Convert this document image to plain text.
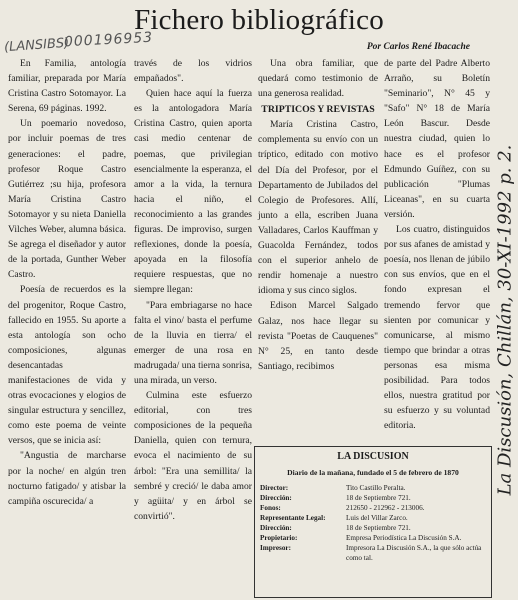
Fichero bibliográfico
Por Carlos René Ibacache
(LANSIBS)
000196953
La Discusión, Chillán, 30-XI-1992 p. 2.

En Familia, antología familiar, preparada por María Cristina Castro Sotomayor. La Serena, 69 páginas. 1992.

Un poemario novedoso, por incluir poemas de tres generaciones: el padre, profesor Roque Castro Gutiérrez ;su hija, profesora María Cristina Castro Sotomayor y su nieta Daniella Vilches Weber, alumna básica. Se agrega el diseñador y autor de la portada, Gunther Weber Castro.

Poesía de recuerdos es la del progenitor, Roque Castro, fallecido en 1955. Su aporte a esta antología son ocho composiciones, algunas desencantadas manifestaciones de vida y otras evocaciones y elogios de singular estructura y sencillez, como este poema de veinte versos, que se inicia así:

"Angustia de marcharse por la noche/ en algún tren nocturno fatigado/ y atisbar la campiña oscurecida/ a

través de los vidrios empañados".

Quien hace aquí la fuerza es la antologadora María Cristina Castro, quien aporta casi medio centenar de poemas, que privilegian esencialmente la esperanza, el amor a la vida, la ternura hacia el niño, el reconocimiento a las grandes figuras. De improviso, surgen reflexiones, donde la poesía, apoyada en la filosofía requiere respuestas, que no siempre llegan:

"Para embriagarse no hace falta el vino/ basta el perfume de la lluvia en tierra/ el emerger de una rosa en madrugada/ una tierna sonrisa, una mirada, un verso.

Culmina este esfuerzo editorial, con tres composiciones de la pequeña Daniella, quien con ternura, evoca el nacimiento de su árbol: "Era una semillita/ la sembré y creció/ le daba amor y agüita/ y en árbol se convirtió".

Una obra familiar, que quedará como testimonio de una generosa realidad.

TRIPTICOS Y REVISTAS

María Cristina Castro, complementa su envío con un tríptico, editado con motivo del Día del Profesor, por el Departamento de Jubilados del Colegio de Profesores. Allí, junto a ella, escriben Juana Valladares, Carlos Kauffman y Guacolda Fernández, todos con el superior anhelo de rendir homenaje a nuestro idioma y sus cinco siglos.

Edison Marcel Salgado Galaz, nos hace llegar su revista "Poetas de Cauquenes" N° 25, en tanto desde Santiago, recibimos

de parte del Padre Alberto Arraño, su Boletín "Seminario", N° 45 y "Safo" N° 18 de María León Bascur. Desde nuestra ciudad, quien lo hace es el profesor Edmundo Guíñez, con su publicación "Plumas Liceanas", en su cuarta versión.

Los cuatro, distinguidos por sus afanes de amistad y poesía, nos llenan de júbilo con sus envíos, que en el fondo expresan el tremendo fervor que sienten por comunicar y comunicarse, al mismo tiempo que brindar a otras personas esa misma posibilidad. Para todos ellos, nuestra gratitud por su esfuerzo y su voluntad editoria.

LA DISCUSION
Diario de la mañana, fundado el 5 de febrero de 1870
Director:	Tito Castillo Peralta.
Dirección:	18 de Septiembre 721.
Fonos:	212650 - 212962 - 213006.
Representante Legal:	Luis del Villar Zarco.
Dirección:	18 de Septiembre 721.
Propietario:	Empresa Periodística La Discusión S.A.
Impresor:	Impresora La Discusión S.A., la que sólo actúa como tal.
